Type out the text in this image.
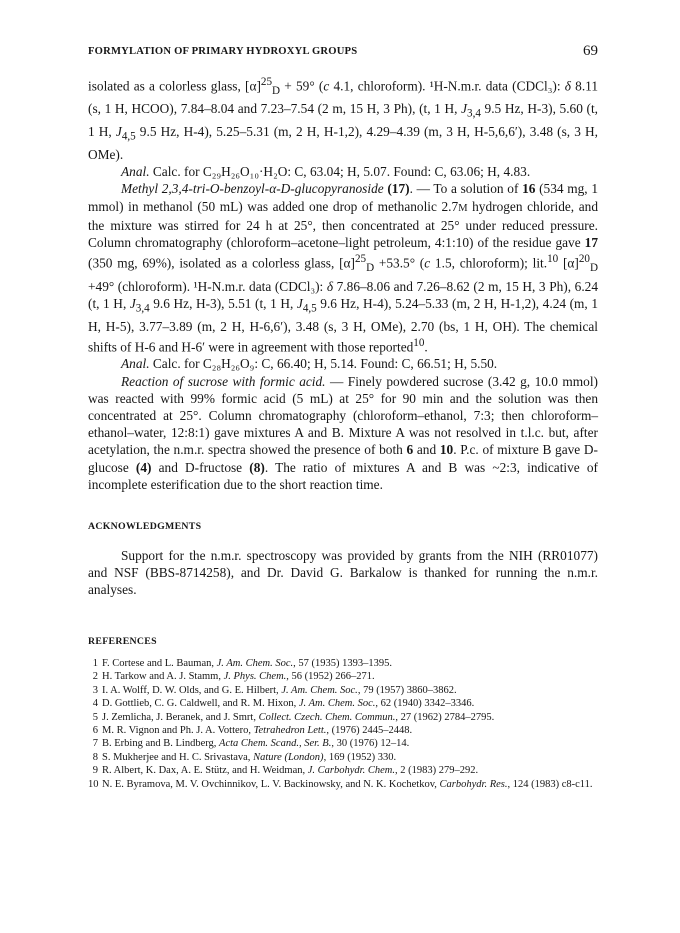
FORMYLATION OF PRIMARY HYDROXYL GROUPS	69

isolated as a colorless glass, $[\alpha]^{25}_D + 59^\circ$ (c 4.1, chloroform). ¹H-N.m.r. data (CDCl₃): δ 8.11 (s, 1 H, HCOO), 7.84–8.04 and 7.23–7.54 (2 m, 15 H, 3 Ph), (t, 1 H, $J_{3,4}$ 9.5 Hz, H-3), 5.60 (t, 1 H, $J_{4,5}$ 9.5 Hz, H-4), 5.25–5.31 (m, 2 H, H-1,2), 4.29–4.39 (m, 3 H, H-5,6,6′), 3.48 (s, 3 H, OMe).

Anal. Calc. for C₂₉H₂₆O₁₀·H₂O: C, 63.04; H, 5.07. Found: C, 63.06; H, 4.83.

Methyl 2,3,4-tri-O-benzoyl-α-D-glucopyranoside (17). — To a solution of 16 (534 mg, 1 mmol) in methanol (50 mL) was added one drop of methanolic 2.7M hydrogen chloride, and the mixture was stirred for 24 h at 25°, then concentrated at 25° under reduced pressure. Column chromatography (chloroform–acetone–light petroleum, 4:1:10) of the residue gave 17 (350 mg, 69%), isolated as a colorless glass, $[\alpha]^{25}_D +53.5^\circ$ (c 1.5, chloroform); lit.$^{10}$ $[\alpha]^{20}_D +49^\circ$ (chloroform). ¹H-N.m.r. data (CDCl₃): δ 7.86–8.06 and 7.26–8.62 (2 m, 15 H, 3 Ph), 6.24 (t, 1 H, $J_{3,4}$ 9.6 Hz, H-3), 5.51 (t, 1 H, $J_{4,5}$ 9.6 Hz, H-4), 5.24–5.33 (m, 2 H, H-1,2), 4.24 (m, 1 H, H-5), 3.77–3.89 (m, 2 H, H-6,6′), 3.48 (s, 3 H, OMe), 2.70 (bs, 1 H, OH). The chemical shifts of H-6 and H-6′ were in agreement with those reported$^{10}$.

Anal. Calc. for C₂₈H₂₆O₉: C, 66.40; H, 5.14. Found: C, 66.51; H, 5.50.

Reaction of sucrose with formic acid. — Finely powdered sucrose (3.42 g, 10.0 mmol) was reacted with 99% formic acid (5 mL) at 25° for 90 min and the solution was then concentrated at 25°. Column chromatography (chloroform–ethanol, 7:3; then chloroform–ethanol–water, 12:8:1) gave mixtures A and B. Mixture A was not resolved in t.l.c. but, after acetylation, the n.m.r. spectra showed the presence of both 6 and 10. P.c. of mixture B gave D-glucose (4) and D-fructose (8). The ratio of mixtures A and B was ~2:3, indicative of incomplete esterification due to the short reaction time.

ACKNOWLEDGMENTS

Support for the n.m.r. spectroscopy was provided by grants from the NIH (RR01077) and NSF (BBS-8714258), and Dr. David G. Barkalow is thanked for running the n.m.r. analyses.

REFERENCES
1 F. Cortese and L. Bauman, J. Am. Chem. Soc., 57 (1935) 1393–1395.
2 H. Tarkow and A. J. Stamm, J. Phys. Chem., 56 (1952) 266–271.
3 I. A. Wolff, D. W. Olds, and G. E. Hilbert, J. Am. Chem. Soc., 79 (1957) 3860–3862.
4 D. Gottlieb, C. G. Caldwell, and R. M. Hixon, J. Am. Chem. Soc., 62 (1940) 3342–3346.
5 J. Zemlicha, J. Beranek, and J. Smrt, Collect. Czech. Chem. Commun., 27 (1962) 2784–2795.
6 M. R. Vignon and Ph. J. A. Vottero, Tetrahedron Lett., (1976) 2445–2448.
7 B. Erbing and B. Lindberg, Acta Chem. Scand., Ser. B., 30 (1976) 12–14.
8 S. Mukherjee and H. C. Srivastava, Nature (London), 169 (1952) 330.
9 R. Albert, K. Dax, A. E. Stütz, and H. Weidman, J. Carbohydr. Chem., 2 (1983) 279–292.
10 N. E. Byramova, M. V. Ovchinnikov, L. V. Backinowsky, and N. K. Kochetkov, Carbohydr. Res., 124 (1983) c8-c11.
